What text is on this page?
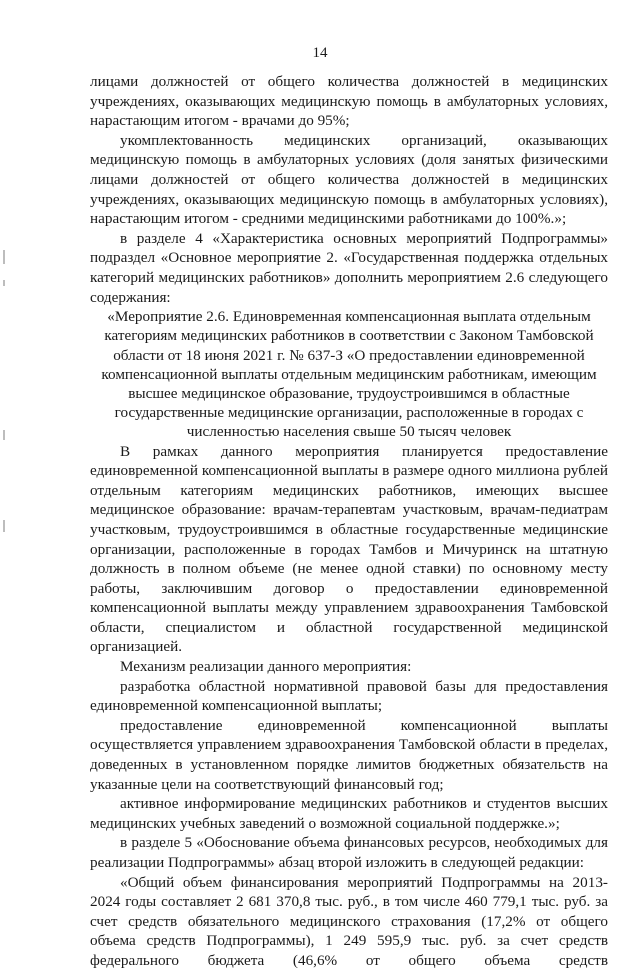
14

лицами должностей от общего количества должностей в медицинских учреждениях, оказывающих медицинскую помощь в амбулаторных условиях, нарастающим итогом - врачами до 95%;

укомплектованность медицинских организаций, оказывающих медицинскую помощь в амбулаторных условиях (доля занятых физическими лицами должностей от общего количества должностей в медицинских учреждениях, оказывающих медицинскую помощь в амбулаторных условиях), нарастающим итогом - средними медицинскими работниками до 100%.»;

в разделе 4 «Характеристика основных мероприятий Подпрограммы» подраздел «Основное мероприятие 2. «Государственная поддержка отдельных категорий медицинских работников» дополнить мероприятием 2.6 следующего содержания:

«Мероприятие 2.6. Единовременная компенсационная выплата отдельным категориям медицинских работников в соответствии с Законом Тамбовской области от 18 июня 2021 г. № 637-З «О предоставлении единовременной компенсационной выплаты отдельным медицинским работникам, имеющим высшее медицинское образование, трудоустроившимся в областные государственные медицинские организации, расположенные в городах с численностью населения свыше 50 тысяч человек

В рамках данного мероприятия планируется предоставление единовременной компенсационной выплаты в размере одного миллиона рублей отдельным категориям медицинских работников, имеющих высшее медицинское образование: врачам-терапевтам участковым, врачам-педиатрам участковым, трудоустроившимся в областные государственные медицинские организации, расположенные в городах Тамбов и Мичуринск на штатную должность в полном объеме (не менее одной ставки) по основному месту работы, заключившим договор о предоставлении единовременной компенсационной выплаты между управлением здравоохранения Тамбовской области, специалистом и областной государственной медицинской организацией.

Механизм реализации данного мероприятия:

разработка областной нормативной правовой базы для предоставления единовременной компенсационной выплаты;

предоставление единовременной компенсационной выплаты осуществляется управлением здравоохранения Тамбовской области в пределах, доведенных в установленном порядке лимитов бюджетных обязательств на указанные цели на соответствующий финансовый год;

активное информирование медицинских работников и студентов высших медицинских учебных заведений о возможной социальной поддержке.»;

в разделе 5 «Обоснование объема финансовых ресурсов, необходимых для реализации Подпрограммы» абзац второй изложить в следующей редакции:

«Общий объем финансирования мероприятий Подпрограммы на 2013-2024 годы составляет 2 681 370,8 тыс. руб., в том числе 460 779,1 тыс. руб. за счет средств обязательного медицинского страхования (17,2% от общего объема средств Подпрограммы), 1 249 595,9 тыс. руб. за счет средств федерального бюджета (46,6% от общего объема средств
